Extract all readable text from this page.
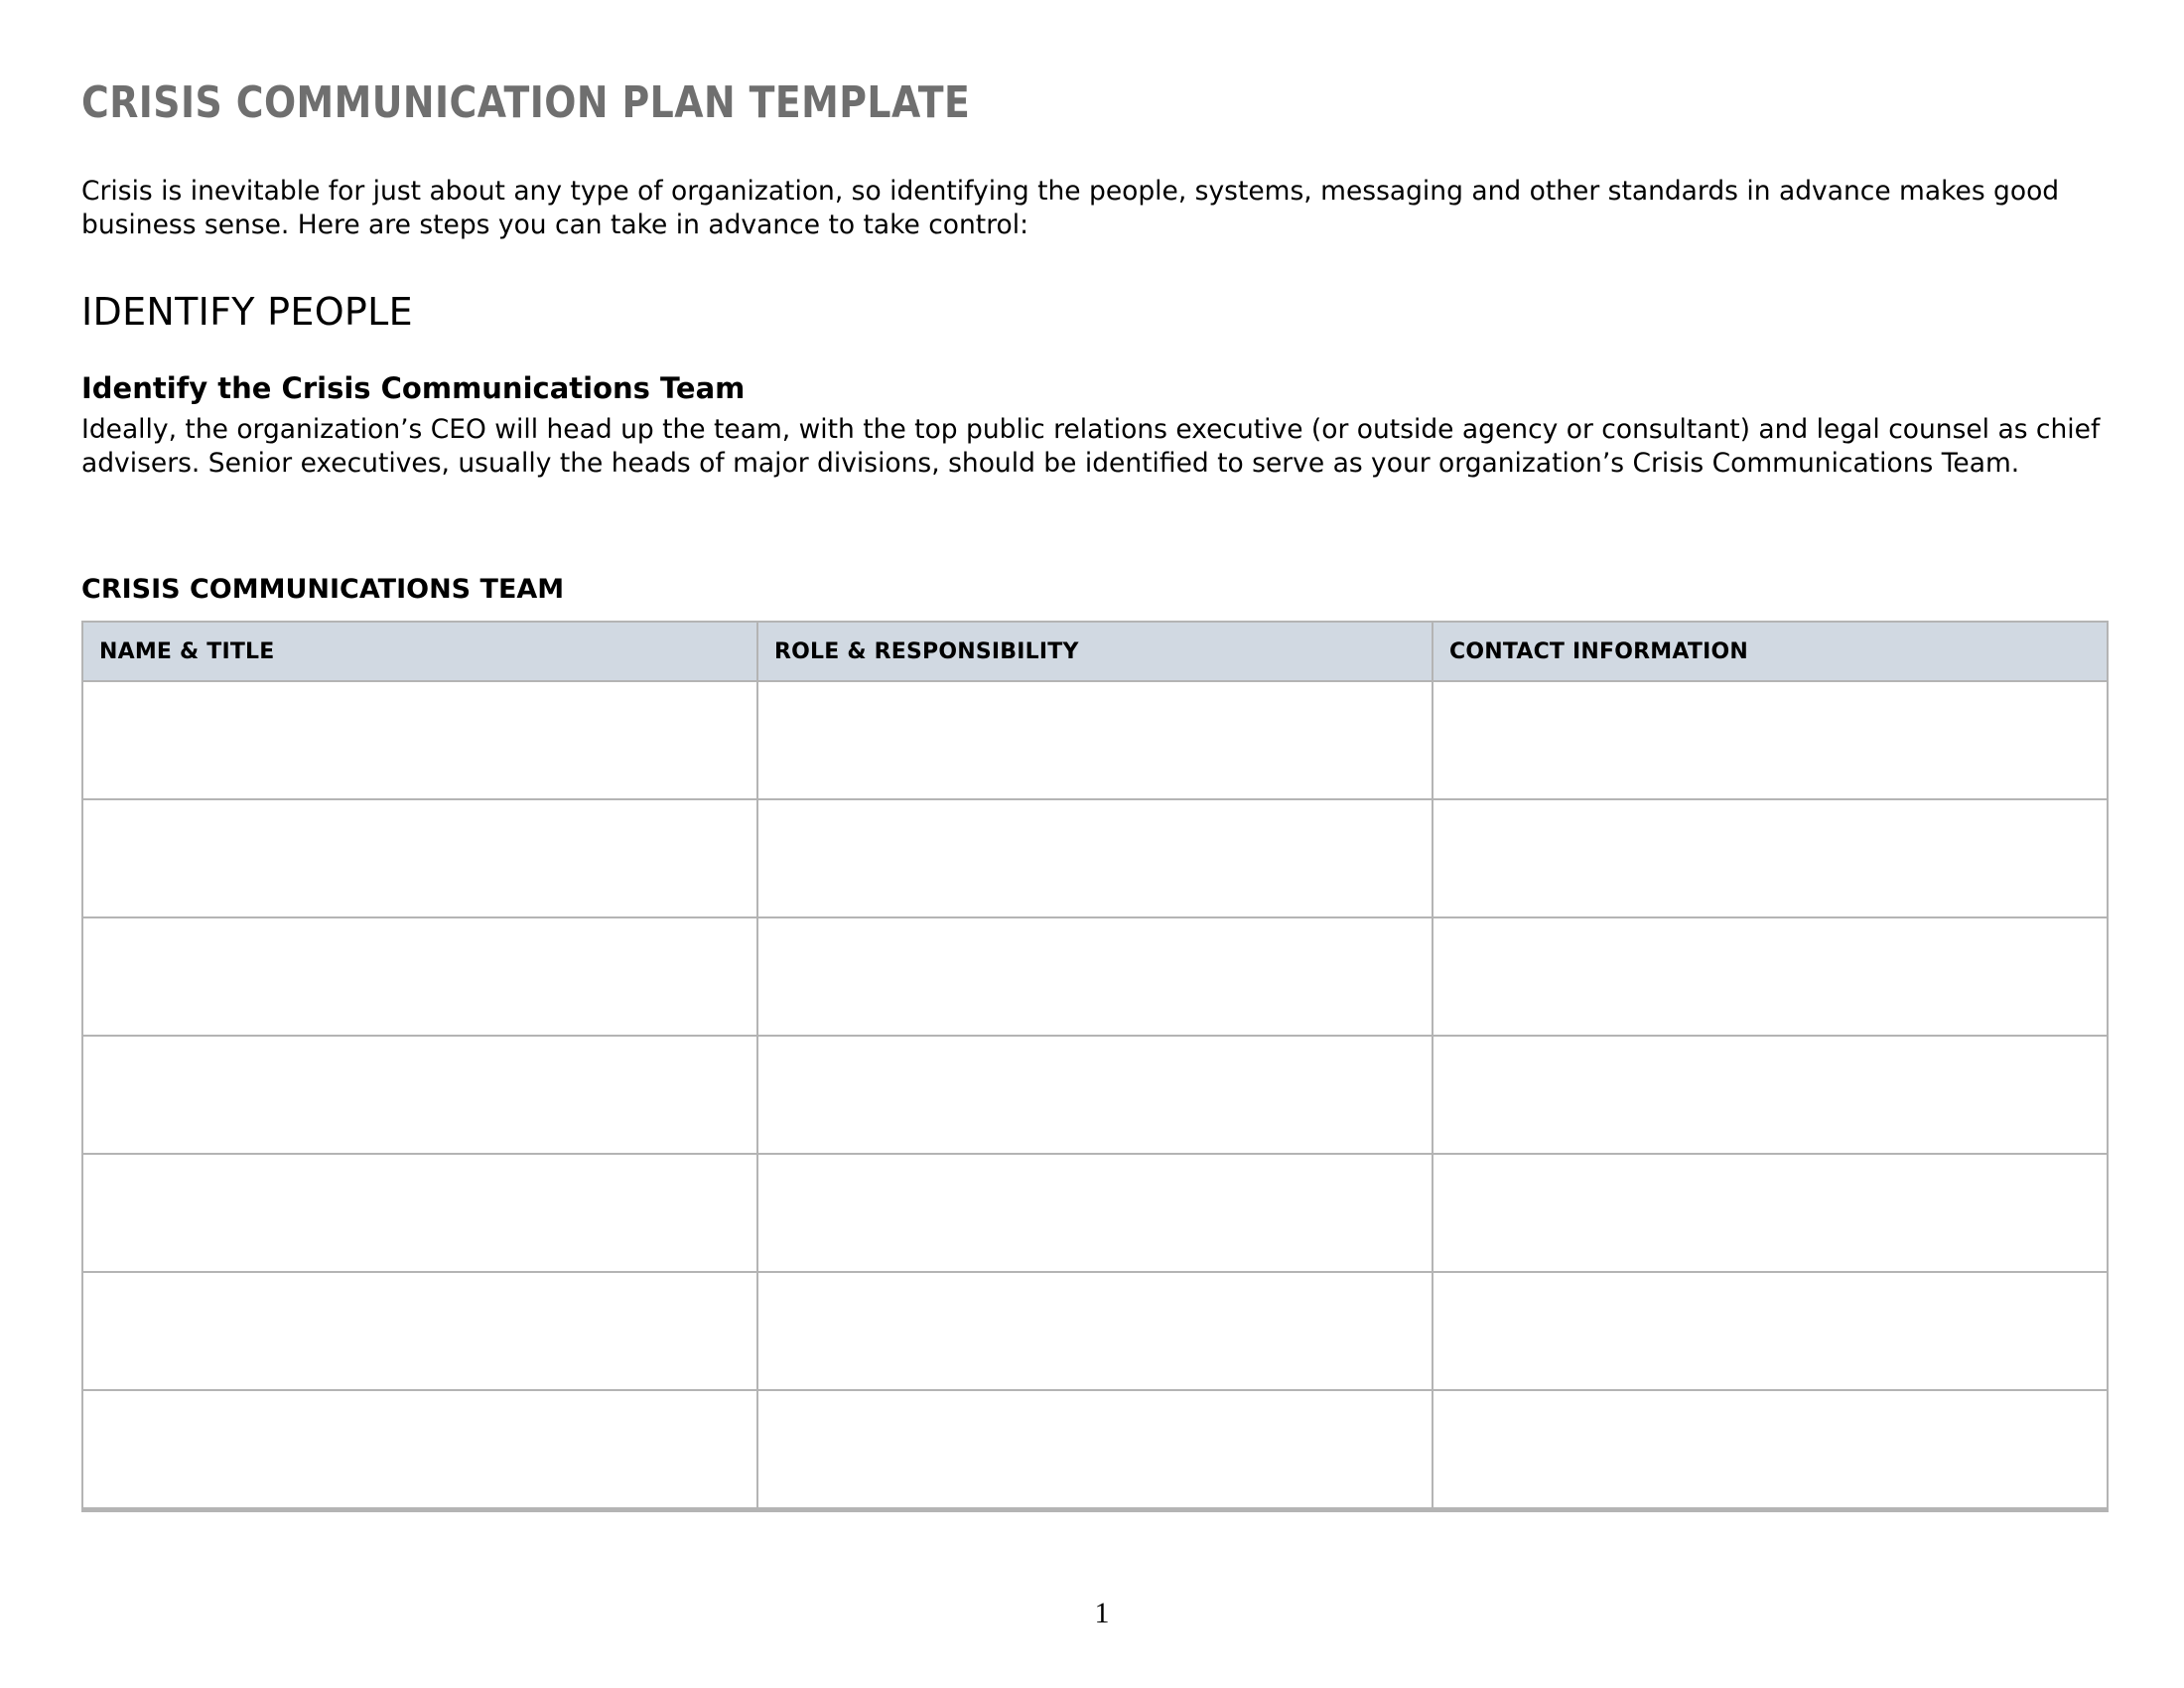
CRISIS COMMUNICATION PLAN TEMPLATE

Crisis is inevitable for just about any type of organization, so identifying the people, systems, messaging and other standards in advance makes good business sense. Here are steps you can take in advance to take control:

IDENTIFY PEOPLE
Identify the Crisis Communications Team

Ideally, the organization’s CEO will head up the team, with the top public relations executive (or outside agency or consultant) and legal counsel as chief advisers. Senior executives, usually the heads of major divisions, should be identified to serve as your organization’s Crisis Communications Team.

CRISIS COMMUNICATIONS TEAM
NAME & TITLE	ROLE & RESPONSIBILITY	CONTACT INFORMATION

1
